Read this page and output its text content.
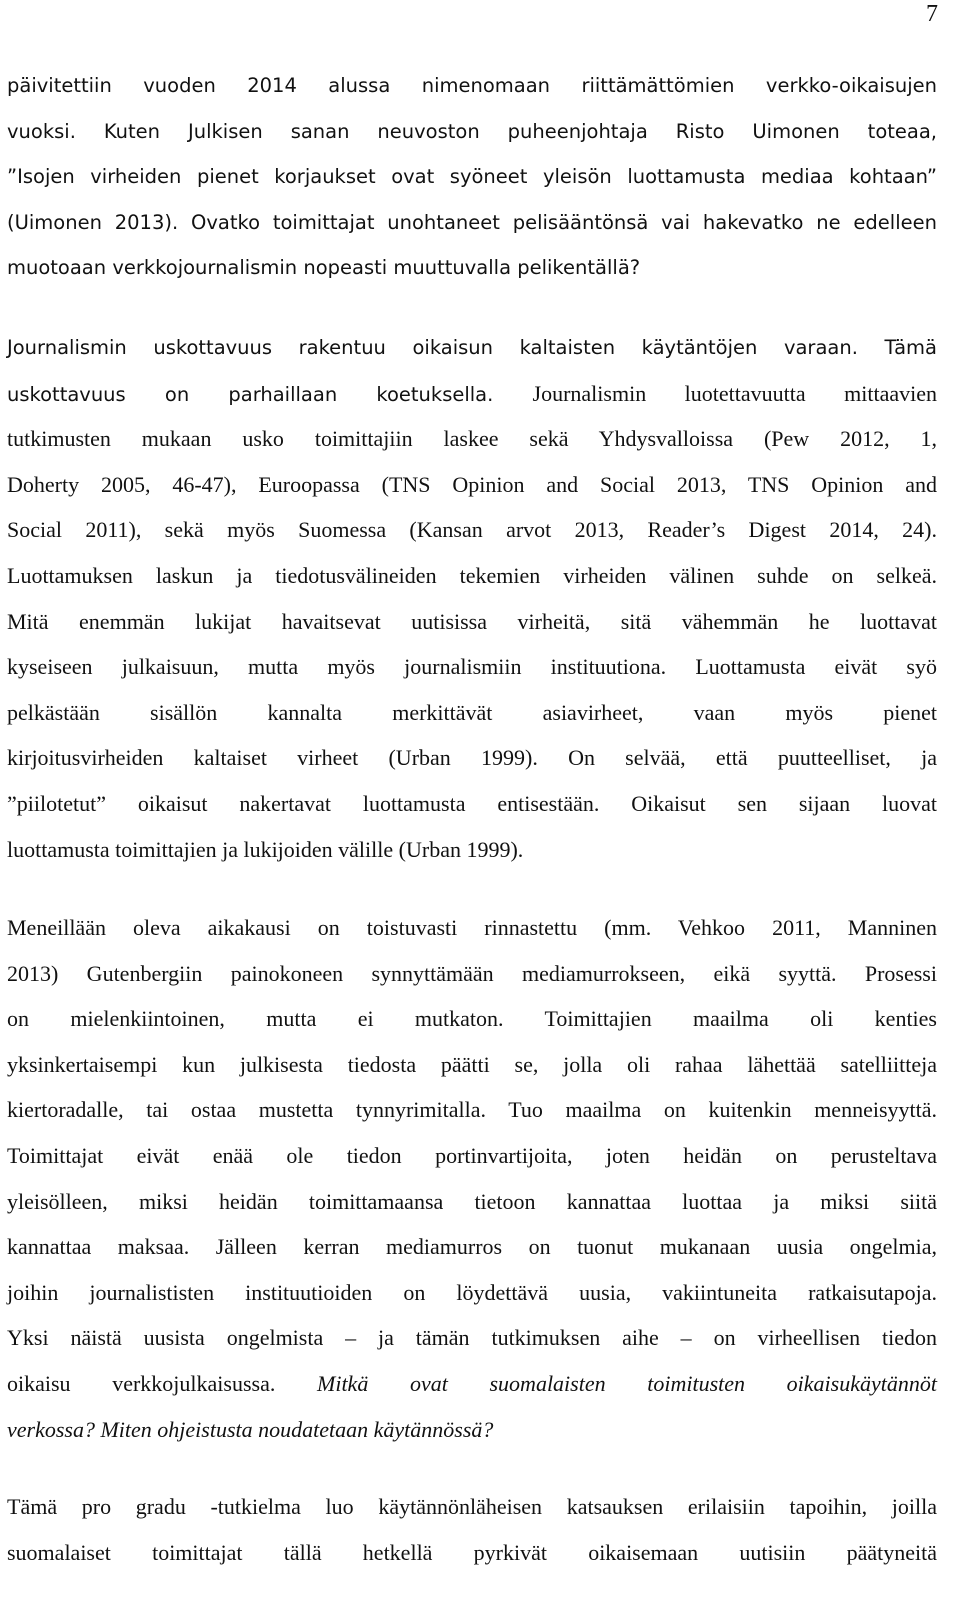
7
päivitettiin vuoden 2014 alussa nimenomaan riittämättömien verkko-oikaisujen
vuoksi. Kuten Julkisen sanan neuvoston puheenjohtaja Risto Uimonen toteaa,
”Isojen virheiden pienet korjaukset ovat syöneet yleisön luottamusta mediaa kohtaan”
(Uimonen 2013). Ovatko toimittajat unohtaneet pelisääntönsä vai hakevatko ne edelleen
muotoaan verkkojournalismin nopeasti muuttuvalla pelikentällä?
Journalismin uskottavuus rakentuu oikaisun kaltaisten käytäntöjen varaan. Tämä
uskottavuus on parhaillaan koetuksella. Journalismin luotettavuutta mittaavien
tutkimusten mukaan usko toimittajiin laskee sekä Yhdysvalloissa (Pew 2012, 1,
Doherty 2005, 46-47), Euroopassa (TNS Opinion and Social 2013, TNS Opinion and
Social 2011), sekä myös Suomessa (Kansan arvot 2013, Reader’s Digest 2014, 24).
Luottamuksen laskun ja tiedotusvälineiden tekemien virheiden välinen suhde on selkeä.
Mitä enemmän lukijat havaitsevat uutisissa virheitä, sitä vähemmän he luottavat
kyseiseen julkaisuun, mutta myös journalismiin instituutiona. Luottamusta eivät syö
pelkästään sisällön kannalta merkittävät asiavirheet, vaan myös pienet
kirjoitusvirheiden kaltaiset virheet (Urban 1999). On selvää, että puutteelliset, ja
”piilotetut” oikaisut nakertavat luottamusta entisestään. Oikaisut sen sijaan luovat
luottamusta toimittajien ja lukijoiden välille (Urban 1999).
Meneillään oleva aikakausi on toistuvasti rinnastettu (mm. Vehkoo 2011, Manninen
2013) Gutenbergiin painokoneen synnyttämään mediamurrokseen, eikä syyttä. Prosessi
on mielenkiintoinen, mutta ei mutkaton. Toimittajien maailma oli kenties
yksinkertaisempi kun julkisesta tiedosta päätti se, jolla oli rahaa lähettää satelliitteja
kiertoradalle, tai ostaa mustetta tynnyrimitalla. Tuo maailma on kuitenkin menneisyyttä.
Toimittajat eivät enää ole tiedon portinvartijoita, joten heidän on perusteltava
yleisölleen, miksi heidän toimittamaansa tietoon kannattaa luottaa ja miksi siitä
kannattaa maksaa. Jälleen kerran mediamurros on tuonut mukanaan uusia ongelmia,
joihin journalististen instituutioiden on löydettävä uusia, vakiintuneita ratkaisutapoja.
Yksi näistä uusista ongelmista – ja tämän tutkimuksen aihe – on virheellisen tiedon
oikaisu verkkojulkaisussa. Mitkä ovat suomalaisten toimitusten oikaisukäytännöt
verkossa? Miten ohjeistusta noudatetaan käytännössä?
Tämä pro gradu -tutkielma luo käytännönläheisen katsauksen erilaisiin tapoihin, joilla
suomalaiset toimittajat tällä hetkellä pyrkivät oikaisemaan uutisiin päätyneitä
